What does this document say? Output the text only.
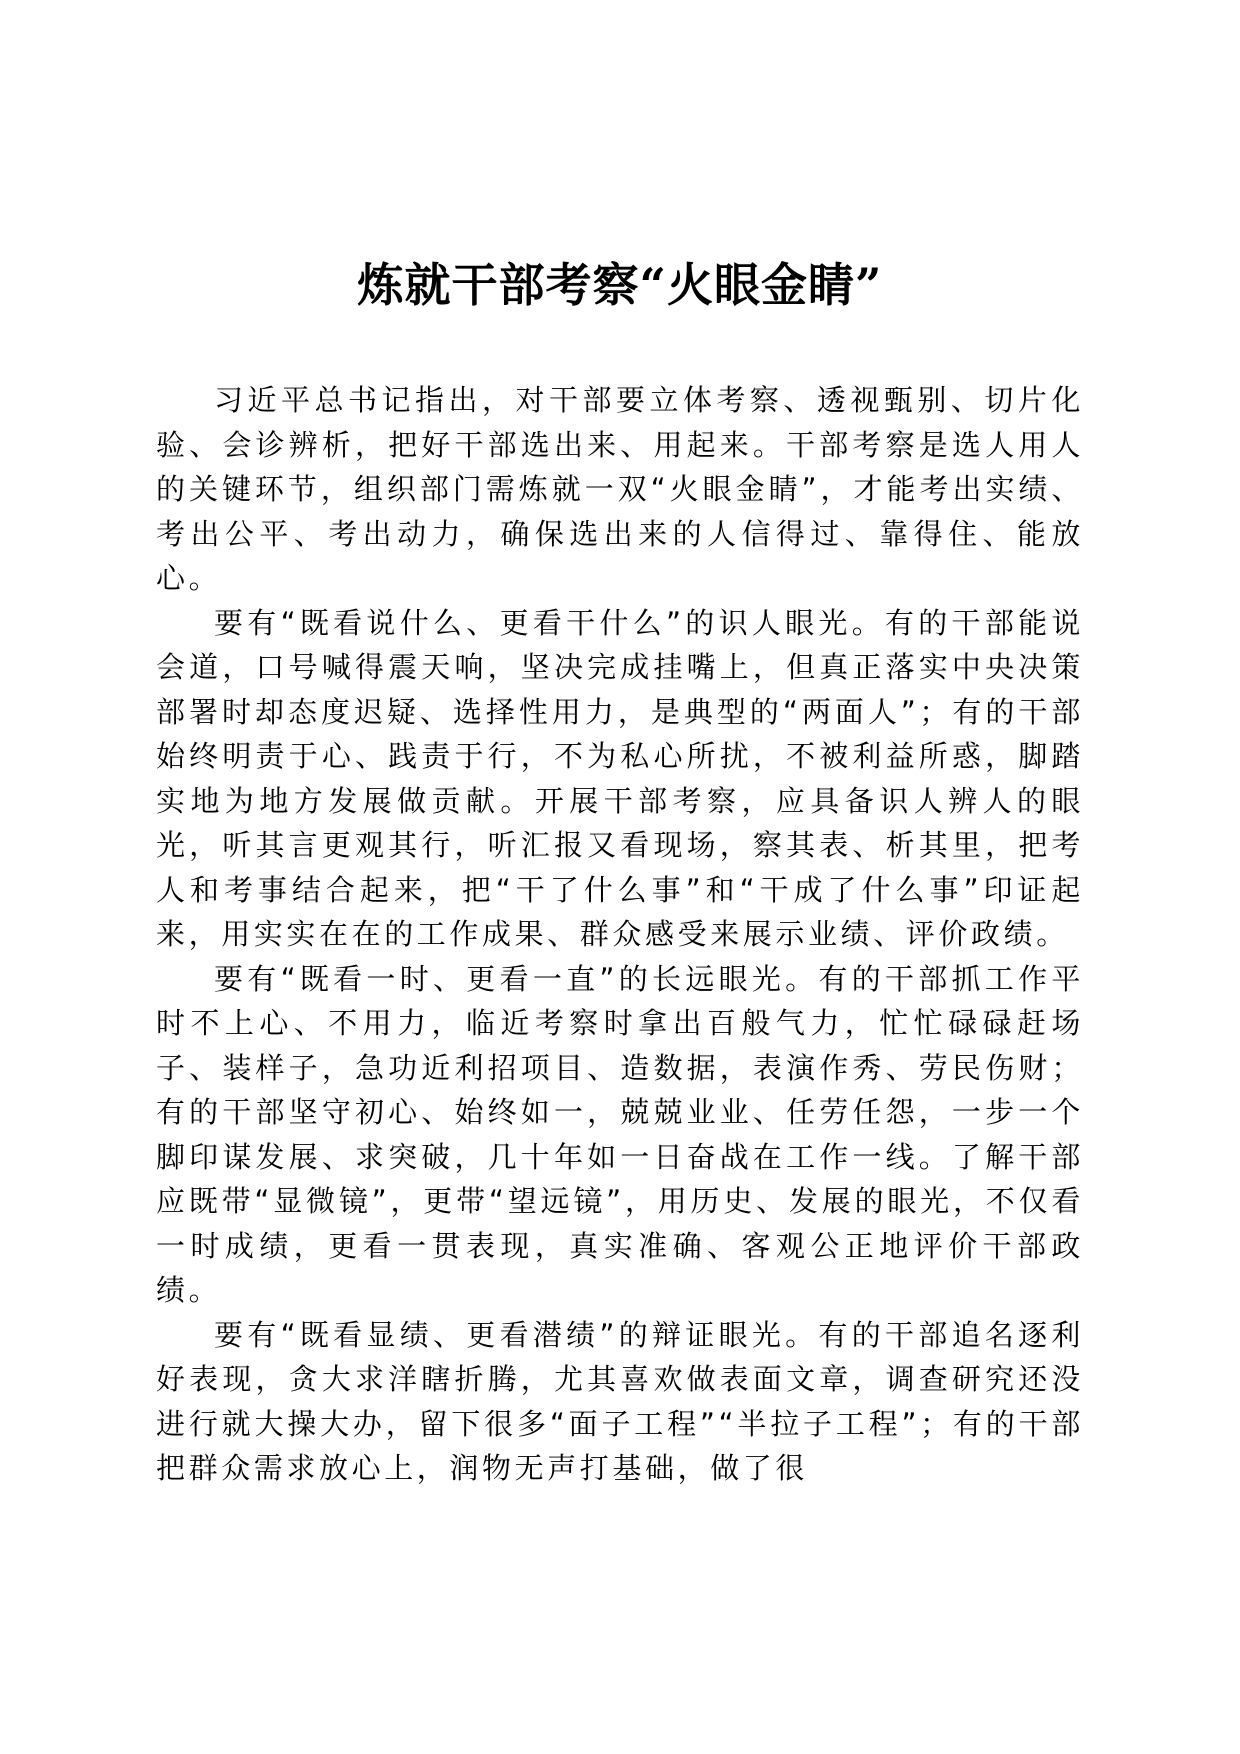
炼就干部考察“火眼金睛”

习近平总书记指出，对干部要立体考察、透视甄别、切片化验、会诊辨析，把好干部选出来、用起来。干部考察是选人用人的关键环节，组织部门需炼就一双“火眼金睛”，才能考出实绩、考出公平、考出动力，确保选出来的人信得过、靠得住、能放心。

要有“既看说什么、更看干什么”的识人眼光。有的干部能说会道，口号喊得震天响，坚决完成挂嘴上，但真正落实中央决策部署时却态度迟疑、选择性用力，是典型的“两面人”；有的干部始终明责于心、践责于行，不为私心所扰，不被利益所惑，脚踏实地为地方发展做贡献。开展干部考察，应具备识人辨人的眼光，听其言更观其行，听汇报又看现场，察其表、析其里，把考人和考事结合起来，把“干了什么事”和“干成了什么事”印证起来，用实实在在的工作成果、群众感受来展示业绩、评价政绩。

要有“既看一时、更看一直”的长远眼光。有的干部抓工作平时不上心、不用力，临近考察时拿出百般气力，忙忙碌碌赶场子、装样子，急功近利招项目、造数据，表演作秀、劳民伤财；有的干部坚守初心、始终如一，兢兢业业、任劳任怨，一步一个脚印谋发展、求突破，几十年如一日奋战在工作一线。了解干部应既带“显微镜”，更带“望远镜”，用历史、发展的眼光，不仅看一时成绩，更看一贯表现，真实准确、客观公正地评价干部政绩。

要有“既看显绩、更看潜绩”的辩证眼光。有的干部追名逐利好表现，贪大求洋瞎折腾，尤其喜欢做表面文章，调查研究还没进行就大操大办，留下很多“面子工程”“半拉子工程”；有的干部把群众需求放心上，润物无声打基础，做了很
